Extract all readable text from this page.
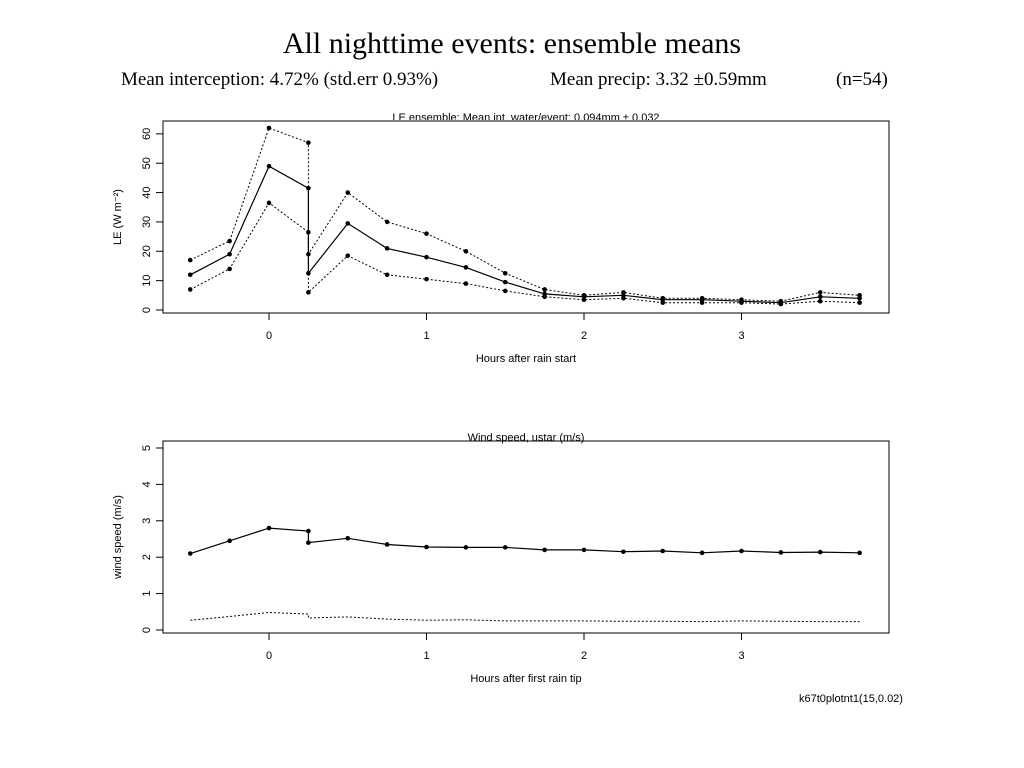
All nighttime events: ensemble means
Mean interception: 4.72% (std.err 0.93%)	Mean precip: 3.32 ±0.59mm	(n=54)
LE ensemble: Mean int. water/event: 0.094mm ± 0.032
Hours after rain start
Wind speed, ustar (m/s)
Hours after first rain tip
k67t0plotnt1(15,0.02)
LE (W m⁻²)
wind speed (m/s)
0	1	2	3
0
10
20
30
40
50
60
0	1	2	3
0
1
2
3
4
5
